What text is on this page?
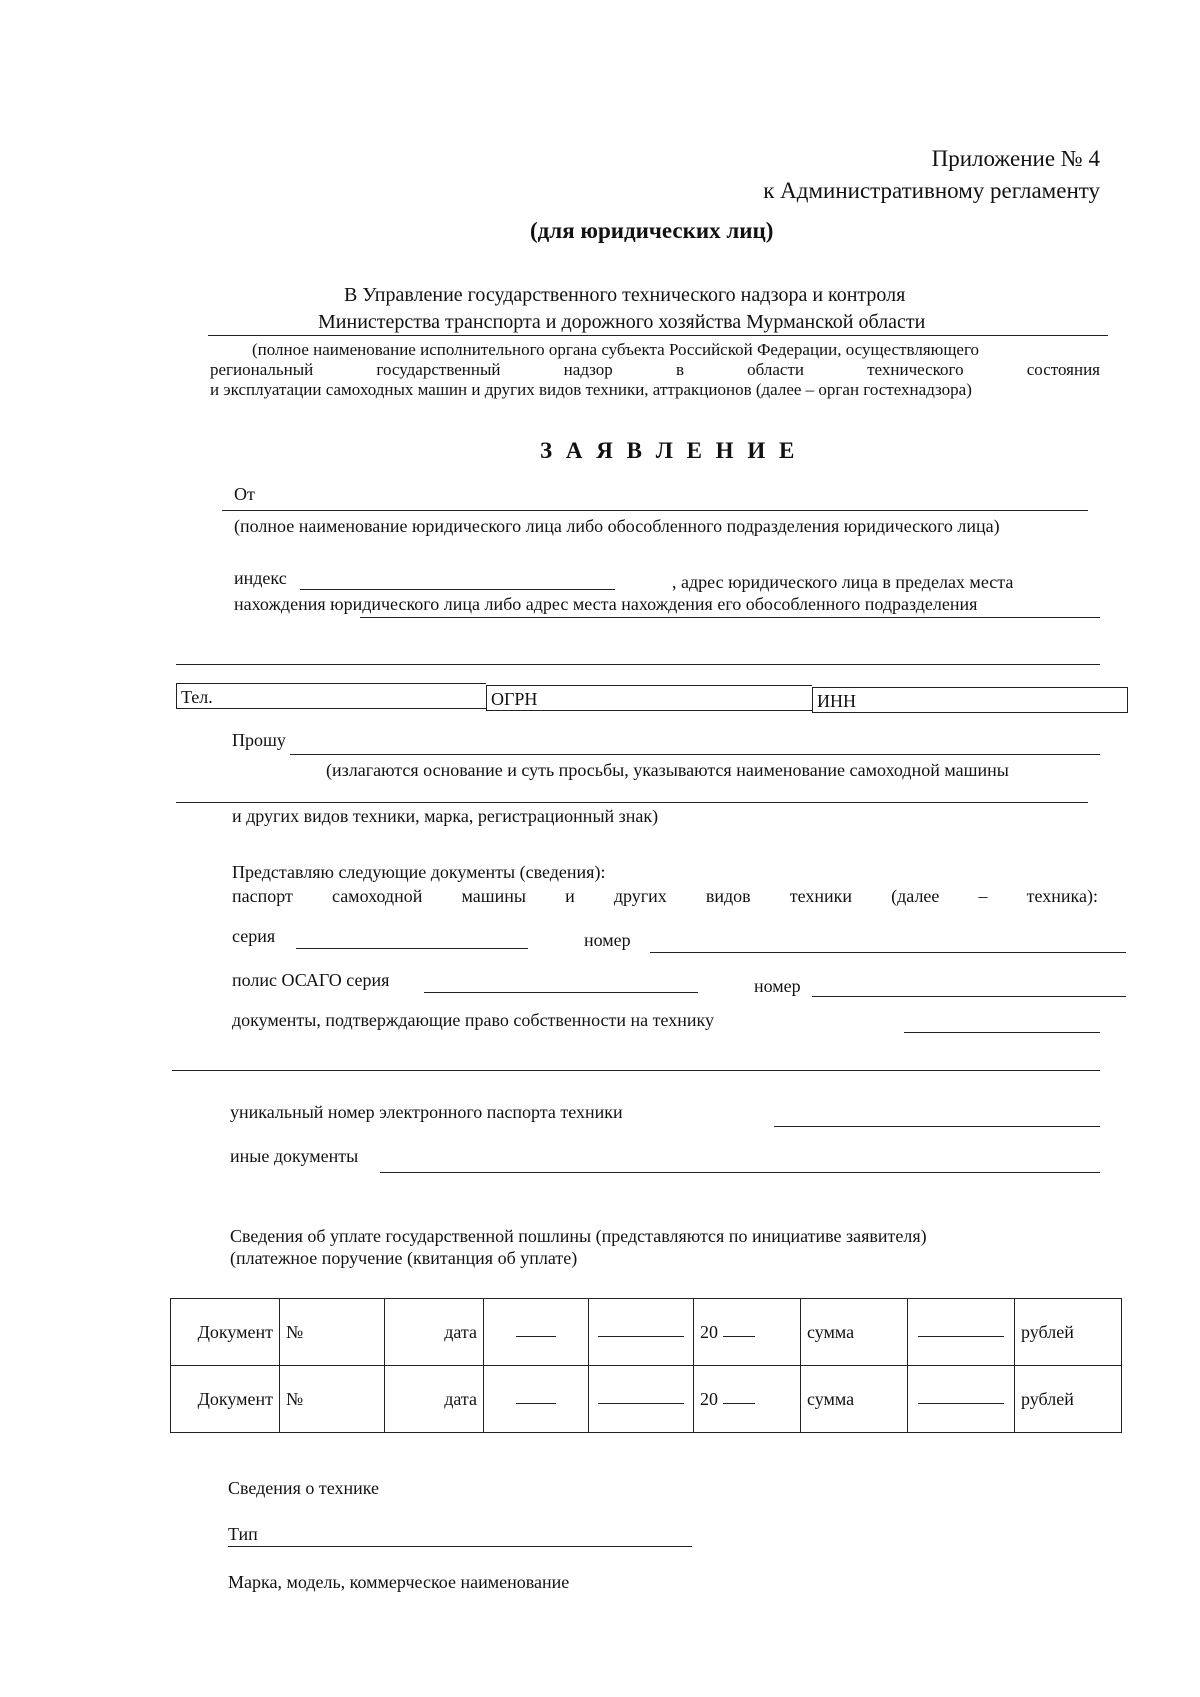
Приложение № 4
к Административному регламенту
(для юридических лиц)
В Управление государственного технического надзора и контроля
Министерства транспорта и дорожного хозяйства Мурманской области
(полное наименование исполнительного органа субъекта Российской Федерации, осуществляющего
региональный	государственный	надзор	в	области	технического	состояния
и эксплуатации самоходных машин и других видов техники, аттракционов (далее – орган гостехнадзора)
З А Я В Л Е Н И Е
От
(полное наименование юридического лица либо обособленного подразделения юридического лица)
индекс	, адрес юридического лица в пределах места
нахождения юридического лица либо адрес места нахождения его обособленного подразделения
Тел.	ОГРН	ИНН
Прошу
(излагаются основание и суть просьбы, указываются наименование самоходной машины
и других видов техники, марка, регистрационный знак)
Представляю следующие документы (сведения):
паспорт самоходной машины и других видов техники (далее – техника):
серия	номер
полис ОСАГО серия	номер
документы, подтверждающие право собственности на технику
уникальный номер электронного паспорта техники
иные документы
Сведения об уплате государственной пошлины (представляются по инициативе заявителя)
(платежное поручение (квитанция об уплате)
Документ	№	дата			20	сумма		рублей
Документ	№	дата			20	сумма		рублей
Сведения о технике
Тип
Марка, модель, коммерческое наименование
